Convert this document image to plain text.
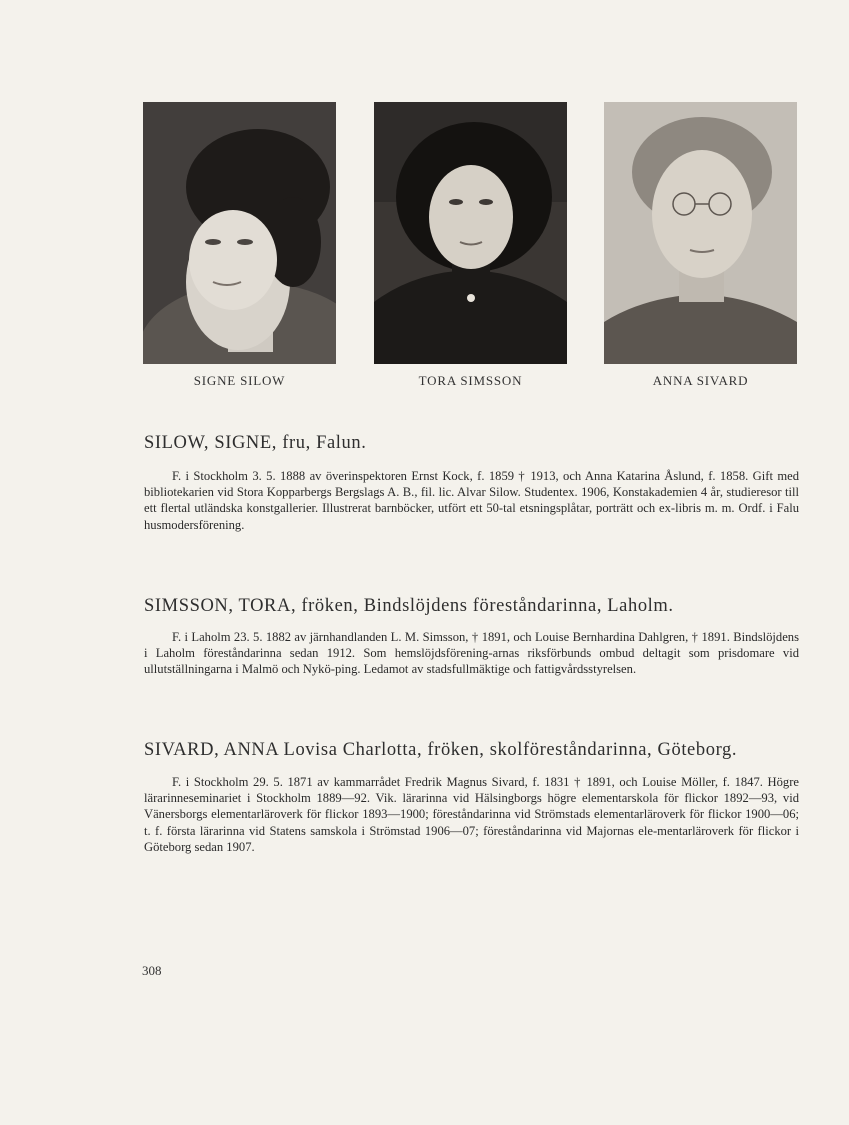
SIGNE SILOW	TORA SIMSSON	ANNA SIVARD
SILOW, SIGNE, fru, Falun.
F. i Stockholm 3. 5. 1888 av överinspektoren Ernst Kock, f. 1859 † 1913, och Anna Katarina Åslund, f. 1858. Gift med bibliotekarien vid Stora Kopparbergs Bergslags A. B., fil. lic. Alvar Silow. Studentex. 1906, Konstakademien 4 år, studieresor till ett flertal utländska konstgallerier. Illustrerat barnböcker, utfört ett 50-tal etsningsplåtar, porträtt och ex-libris m. m. Ordf. i Falu husmodersförening.
SIMSSON, TORA, fröken, Bindslöjdens föreståndarinna, Laholm.
F. i Laholm 23. 5. 1882 av järnhandlanden L. M. Simsson, † 1891, och Louise Bernhardina Dahlgren, † 1891. Bindslöjdens i Laholm föreståndarinna sedan 1912. Som hemslöjdsförening-arnas riksförbunds ombud deltagit som prisdomare vid ullutställningarna i Malmö och Nykö-ping. Ledamot av stadsfullmäktige och fattigvårdsstyrelsen.
SIVARD, ANNA Lovisa Charlotta, fröken, skolföreståndarinna, Göteborg.
F. i Stockholm 29. 5. 1871 av kammarrådet Fredrik Magnus Sivard, f. 1831 † 1891, och Louise Möller, f. 1847. Högre lärarinneseminariet i Stockholm 1889—92. Vik. lärarinna vid Hälsingborgs högre elementarskola för flickor 1892—93, vid Vänersborgs elementarläroverk för flickor 1893—1900; föreståndarinna vid Strömstads elementarläroverk för flickor 1900—06; t. f. första lärarinna vid Statens samskola i Strömstad 1906—07; föreståndarinna vid Majornas ele-mentarläroverk för flickor i Göteborg sedan 1907.
308
